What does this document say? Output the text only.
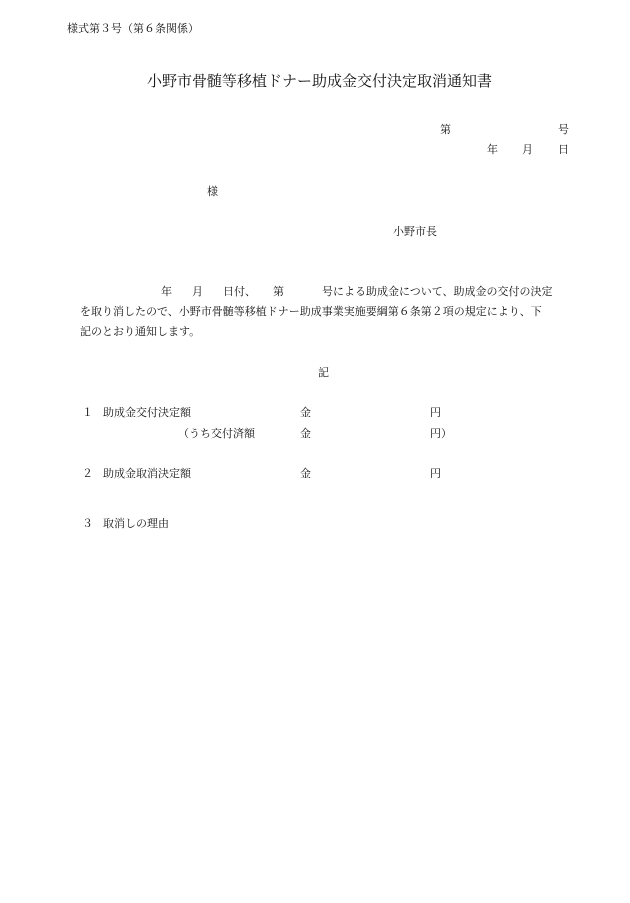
様式第３号（第６条関係）
小野市骨髄等移植ドナー助成金交付決定取消通知書
第	号
年 月 日
様
小野市長
年 月 日付、 第	号による助成金について、助成金の交付の決定
を取り消したので、小野市骨髄等移植ドナー助成事業実施要綱第６条第２項の規定により、下
記のとおり通知します。
記
１ 助成金交付決定額	金	円
（うち交付済額	金	円）
２ 助成金取消決定額	金	円
３ 取消しの理由
